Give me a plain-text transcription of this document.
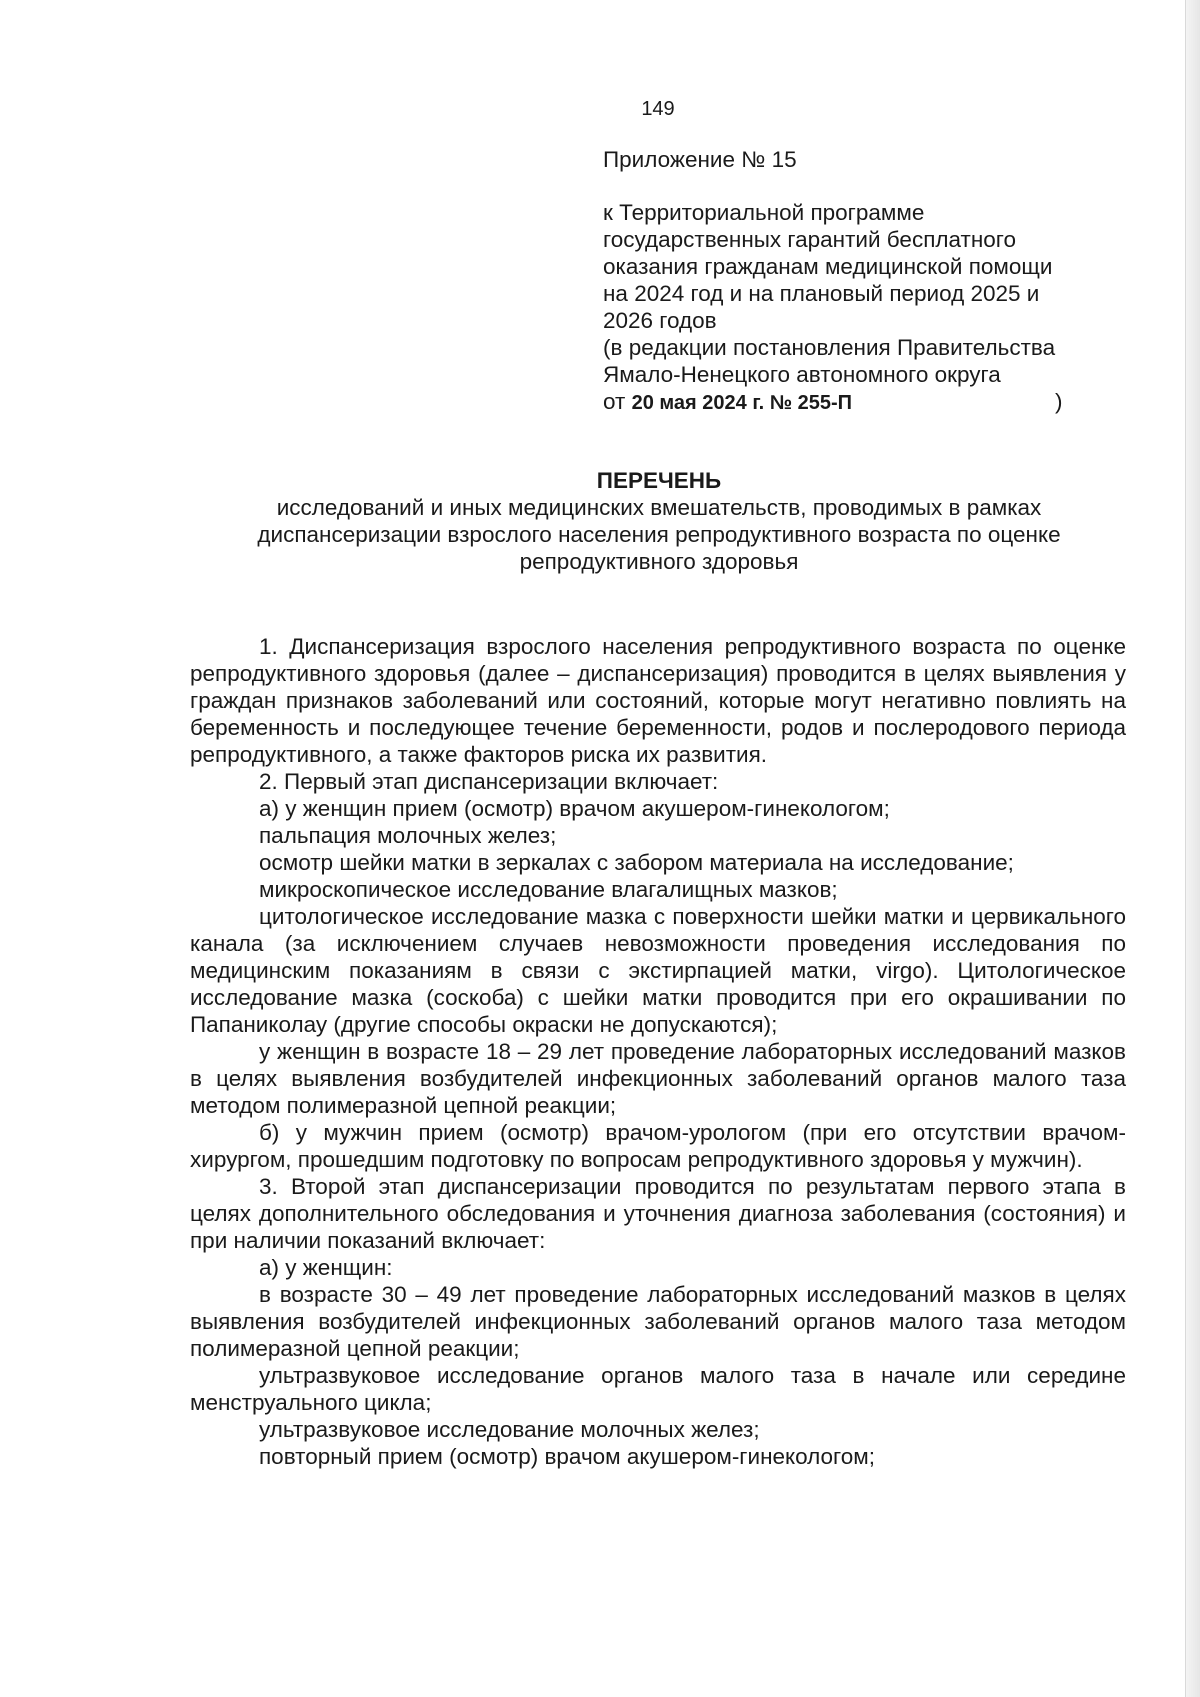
149
Приложение № 15
к Территориальной программе
государственных гарантий бесплатного
оказания гражданам медицинской помощи
на 2024 год и на плановый период 2025 и
2026 годов
(в редакции постановления Правительства
Ямало-Ненецкого автономного округа
от 20 мая 2024 г. № 255-П	)
ПЕРЕЧЕНЬ
исследований и иных медицинских вмешательств, проводимых в рамках диспансеризации взрослого населения репродуктивного возраста по оценке репродуктивного здоровья

1. Диспансеризация взрослого населения репродуктивного возраста по оценке репродуктивного здоровья (далее – диспансеризация) проводится в целях выявления у граждан признаков заболеваний или состояний, которые могут негативно повлиять на беременность и последующее течение беременности, родов и послеродового периода репродуктивного, а также факторов риска их развития.

2. Первый этап диспансеризации включает:

а) у женщин прием (осмотр) врачом акушером-гинекологом;

пальпация молочных желез;

осмотр шейки матки в зеркалах с забором материала на исследование;

микроскопическое исследование влагалищных мазков;

цитологическое исследование мазка с поверхности шейки матки и цервикального канала (за исключением случаев невозможности проведения исследования по медицинским показаниям в связи с экстирпацией матки, virgo). Цитологическое исследование мазка (соскоба) с шейки матки проводится при его окрашивании по Папаниколау (другие способы окраски не допускаются);

у женщин в возрасте 18 – 29 лет проведение лабораторных исследований мазков в целях выявления возбудителей инфекционных заболеваний органов малого таза методом полимеразной цепной реакции;

б) у мужчин прием (осмотр) врачом-урологом (при его отсутствии врачом-хирургом, прошедшим подготовку по вопросам репродуктивного здоровья у мужчин).

3. Второй этап диспансеризации проводится по результатам первого этапа в целях дополнительного обследования и уточнения диагноза заболевания (состояния) и при наличии показаний включает:

а) у женщин:

в возрасте 30 – 49 лет проведение лабораторных исследований мазков в целях выявления возбудителей инфекционных заболеваний органов малого таза методом полимеразной цепной реакции;

ультразвуковое исследование органов малого таза в начале или середине менструального цикла;

ультразвуковое исследование молочных желез;

повторный прием (осмотр) врачом акушером-гинекологом;
